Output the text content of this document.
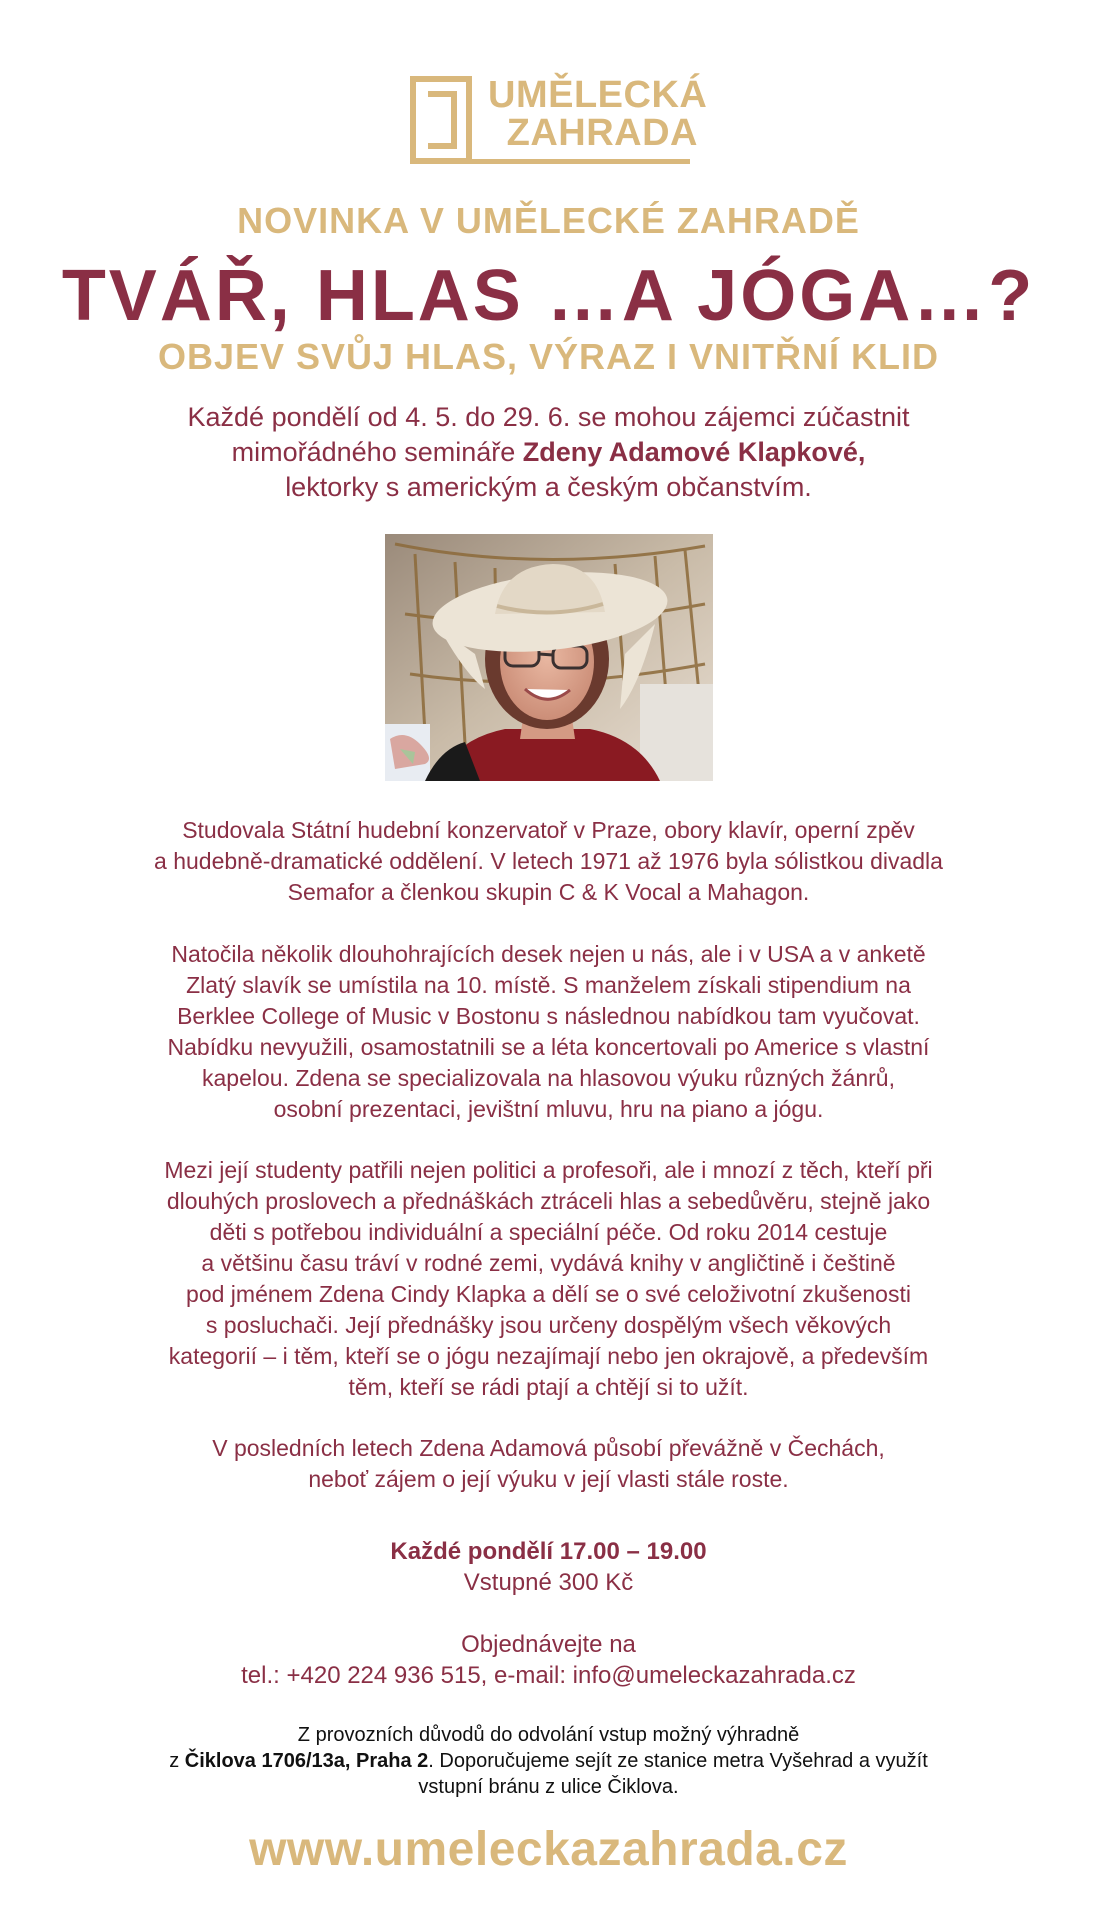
UMĚLECKÁ
ZAHRADA
NOVINKA V UMĚLECKÉ ZAHRADĚ
TVÁŘ, HLAS …A JÓGA…?
OBJEV SVŮJ HLAS, VÝRAZ I VNITŘNÍ KLID
Každé pondělí od 4. 5. do 29. 6. se mohou zájemci zúčastnit
mimořádného semináře Zdeny Adamové Klapkové,
lektorky s americkým a českým občanstvím.
Studovala Státní hudební konzervatoř v Praze, obory klavír, operní zpěv
a hudebně-dramatické oddělení. V letech 1971 až 1976 byla sólistkou divadla
Semafor a členkou skupin C & K Vocal a Mahagon.
Natočila několik dlouhohrajících desek nejen u nás, ale i v USA a v anketě
Zlatý slavík se umístila na 10. místě. S manželem získali stipendium na
Berklee College of Music v Bostonu s následnou nabídkou tam vyučovat.
Nabídku nevyužili, osamostatnili se a léta koncertovali po Americe s vlastní
kapelou. Zdena se specializovala na hlasovou výuku různých žánrů,
osobní prezentaci, jevištní mluvu, hru na piano a jógu.
Mezi její studenty patřili nejen politici a profesoři, ale i mnozí z těch, kteří při
dlouhých proslovech a přednáškách ztráceli hlas a sebedůvěru, stejně jako
děti s potřebou individuální a speciální péče. Od roku 2014 cestuje
a většinu času tráví v rodné zemi, vydává knihy v angličtině i češtině
pod jménem Zdena Cindy Klapka a dělí se o své celoživotní zkušenosti
s posluchači. Její přednášky jsou určeny dospělým všech věkových
kategorií – i těm, kteří se o jógu nezajímají nebo jen okrajově, a především
těm, kteří se rádi ptají a chtějí si to užít.
V posledních letech Zdena Adamová působí převážně v Čechách,
neboť zájem o její výuku v její vlasti stále roste.
Každé pondělí 17.00 – 19.00
Vstupné 300 Kč
Objednávejte na
tel.: +420 224 936 515, e-mail: info@umeleckazahrada.cz
Z provozních důvodů do odvolání vstup možný výhradně
z Čiklova 1706/13a, Praha 2. Doporučujeme sejít ze stanice metra Vyšehrad a využít
vstupní bránu z ulice Čiklova.
www.umeleckazahrada.cz
